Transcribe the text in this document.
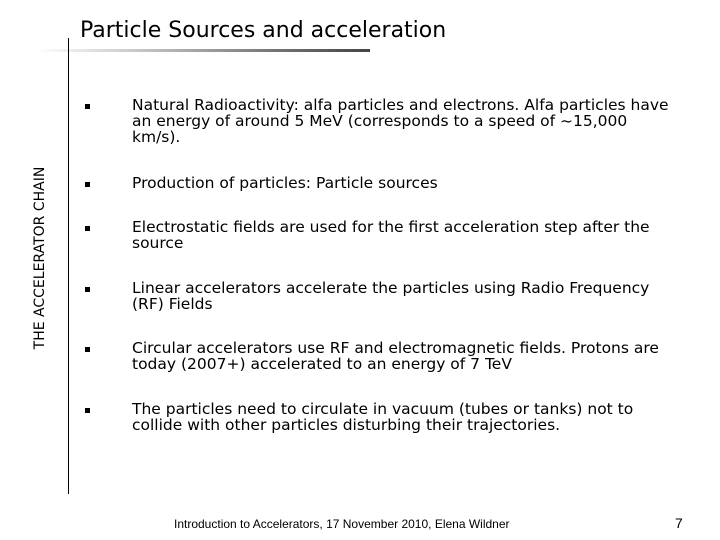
Particle Sources and acceleration
THE ACCELERATOR CHAIN
Natural Radioactivity: alfa particles and electrons. Alfa particles have an energy of around 5 MeV (corresponds to a speed of ~15,000 km/s).
Production of particles: Particle sources
Electrostatic fields are used for the first acceleration step after the source
Linear accelerators accelerate the particles using Radio Frequency (RF) Fields
Circular accelerators use RF and electromagnetic fields. Protons are today (2007+) accelerated to an energy of 7 TeV
The particles need to circulate in vacuum (tubes or tanks) not to collide with other particles disturbing their trajectories.
Introduction to Accelerators, 17 November 2010, Elena Wildner	7
